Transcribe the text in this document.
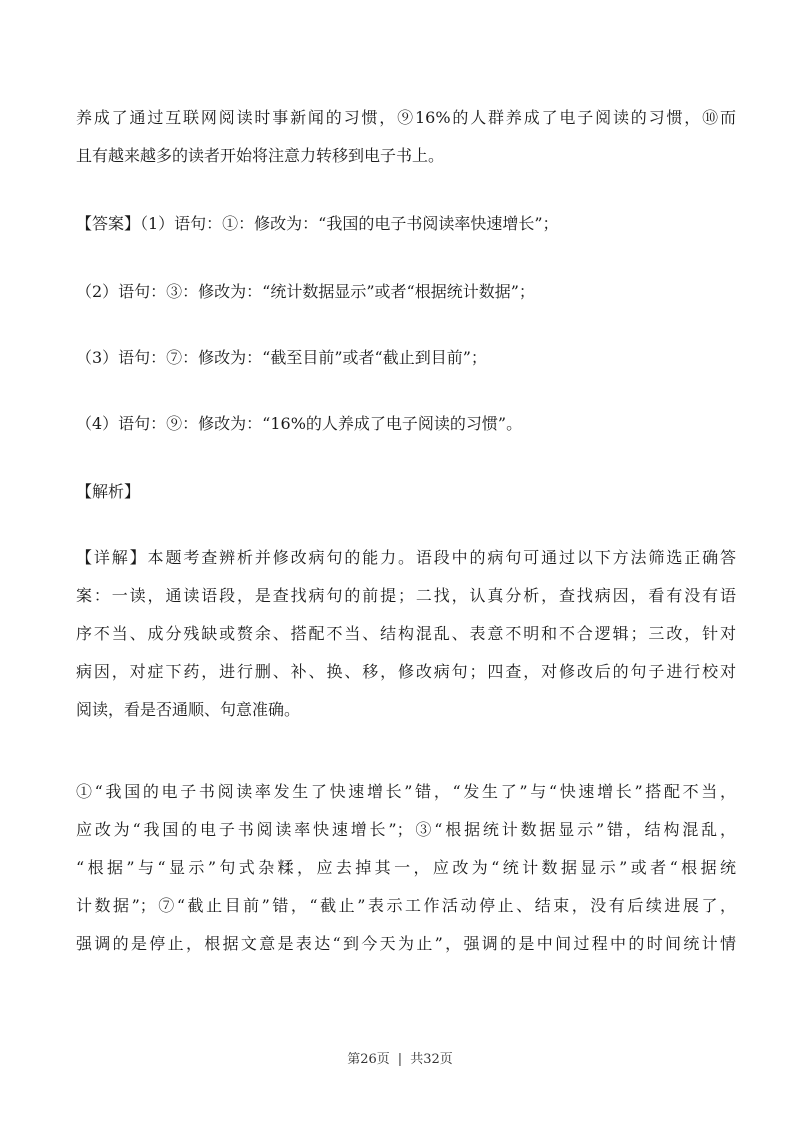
养成了通过互联网阅读时事新闻的习惯，⑨16%的人群养成了电子阅读的习惯，⑩而
且有越来越多的读者开始将注意力转移到电子书上。
【答案】（1）语句：①：修改为：“我国的电子书阅读率快速增长”；
（2）语句：③：修改为：“统计数据显示”或者“根据统计数据”；
（3）语句：⑦：修改为：“截至目前”或者“截止到目前”；
（4）语句：⑨：修改为：“16%的人养成了电子阅读的习惯”。
【解析】
【详解】本题考查辨析并修改病句的能力。语段中的病句可通过以下方法筛选正确答
案：一读，通读语段，是查找病句的前提；二找，认真分析，查找病因，看有没有语
序不当、成分残缺或赘余、搭配不当、结构混乱、表意不明和不合逻辑；三改，针对
病因，对症下药，进行删、补、换、移，修改病句；四查，对修改后的句子进行校对
阅读，看是否通顺、句意准确。
①“我国的电子书阅读率发生了快速增长”错，“发生了”与“快速增长”搭配不当，
应改为“我国的电子书阅读率快速增长”；③“根据统计数据显示”错，结构混乱，
“根据”与“显示”句式杂糅，应去掉其一，应改为“统计数据显示”或者“根据统
计数据”；⑦“截止目前”错，“截止”表示工作活动停止、结束，没有后续进展了，
强调的是停止，根据文意是表达“到今天为止”，强调的是中间过程中的时间统计情
第26页 | 共32页
